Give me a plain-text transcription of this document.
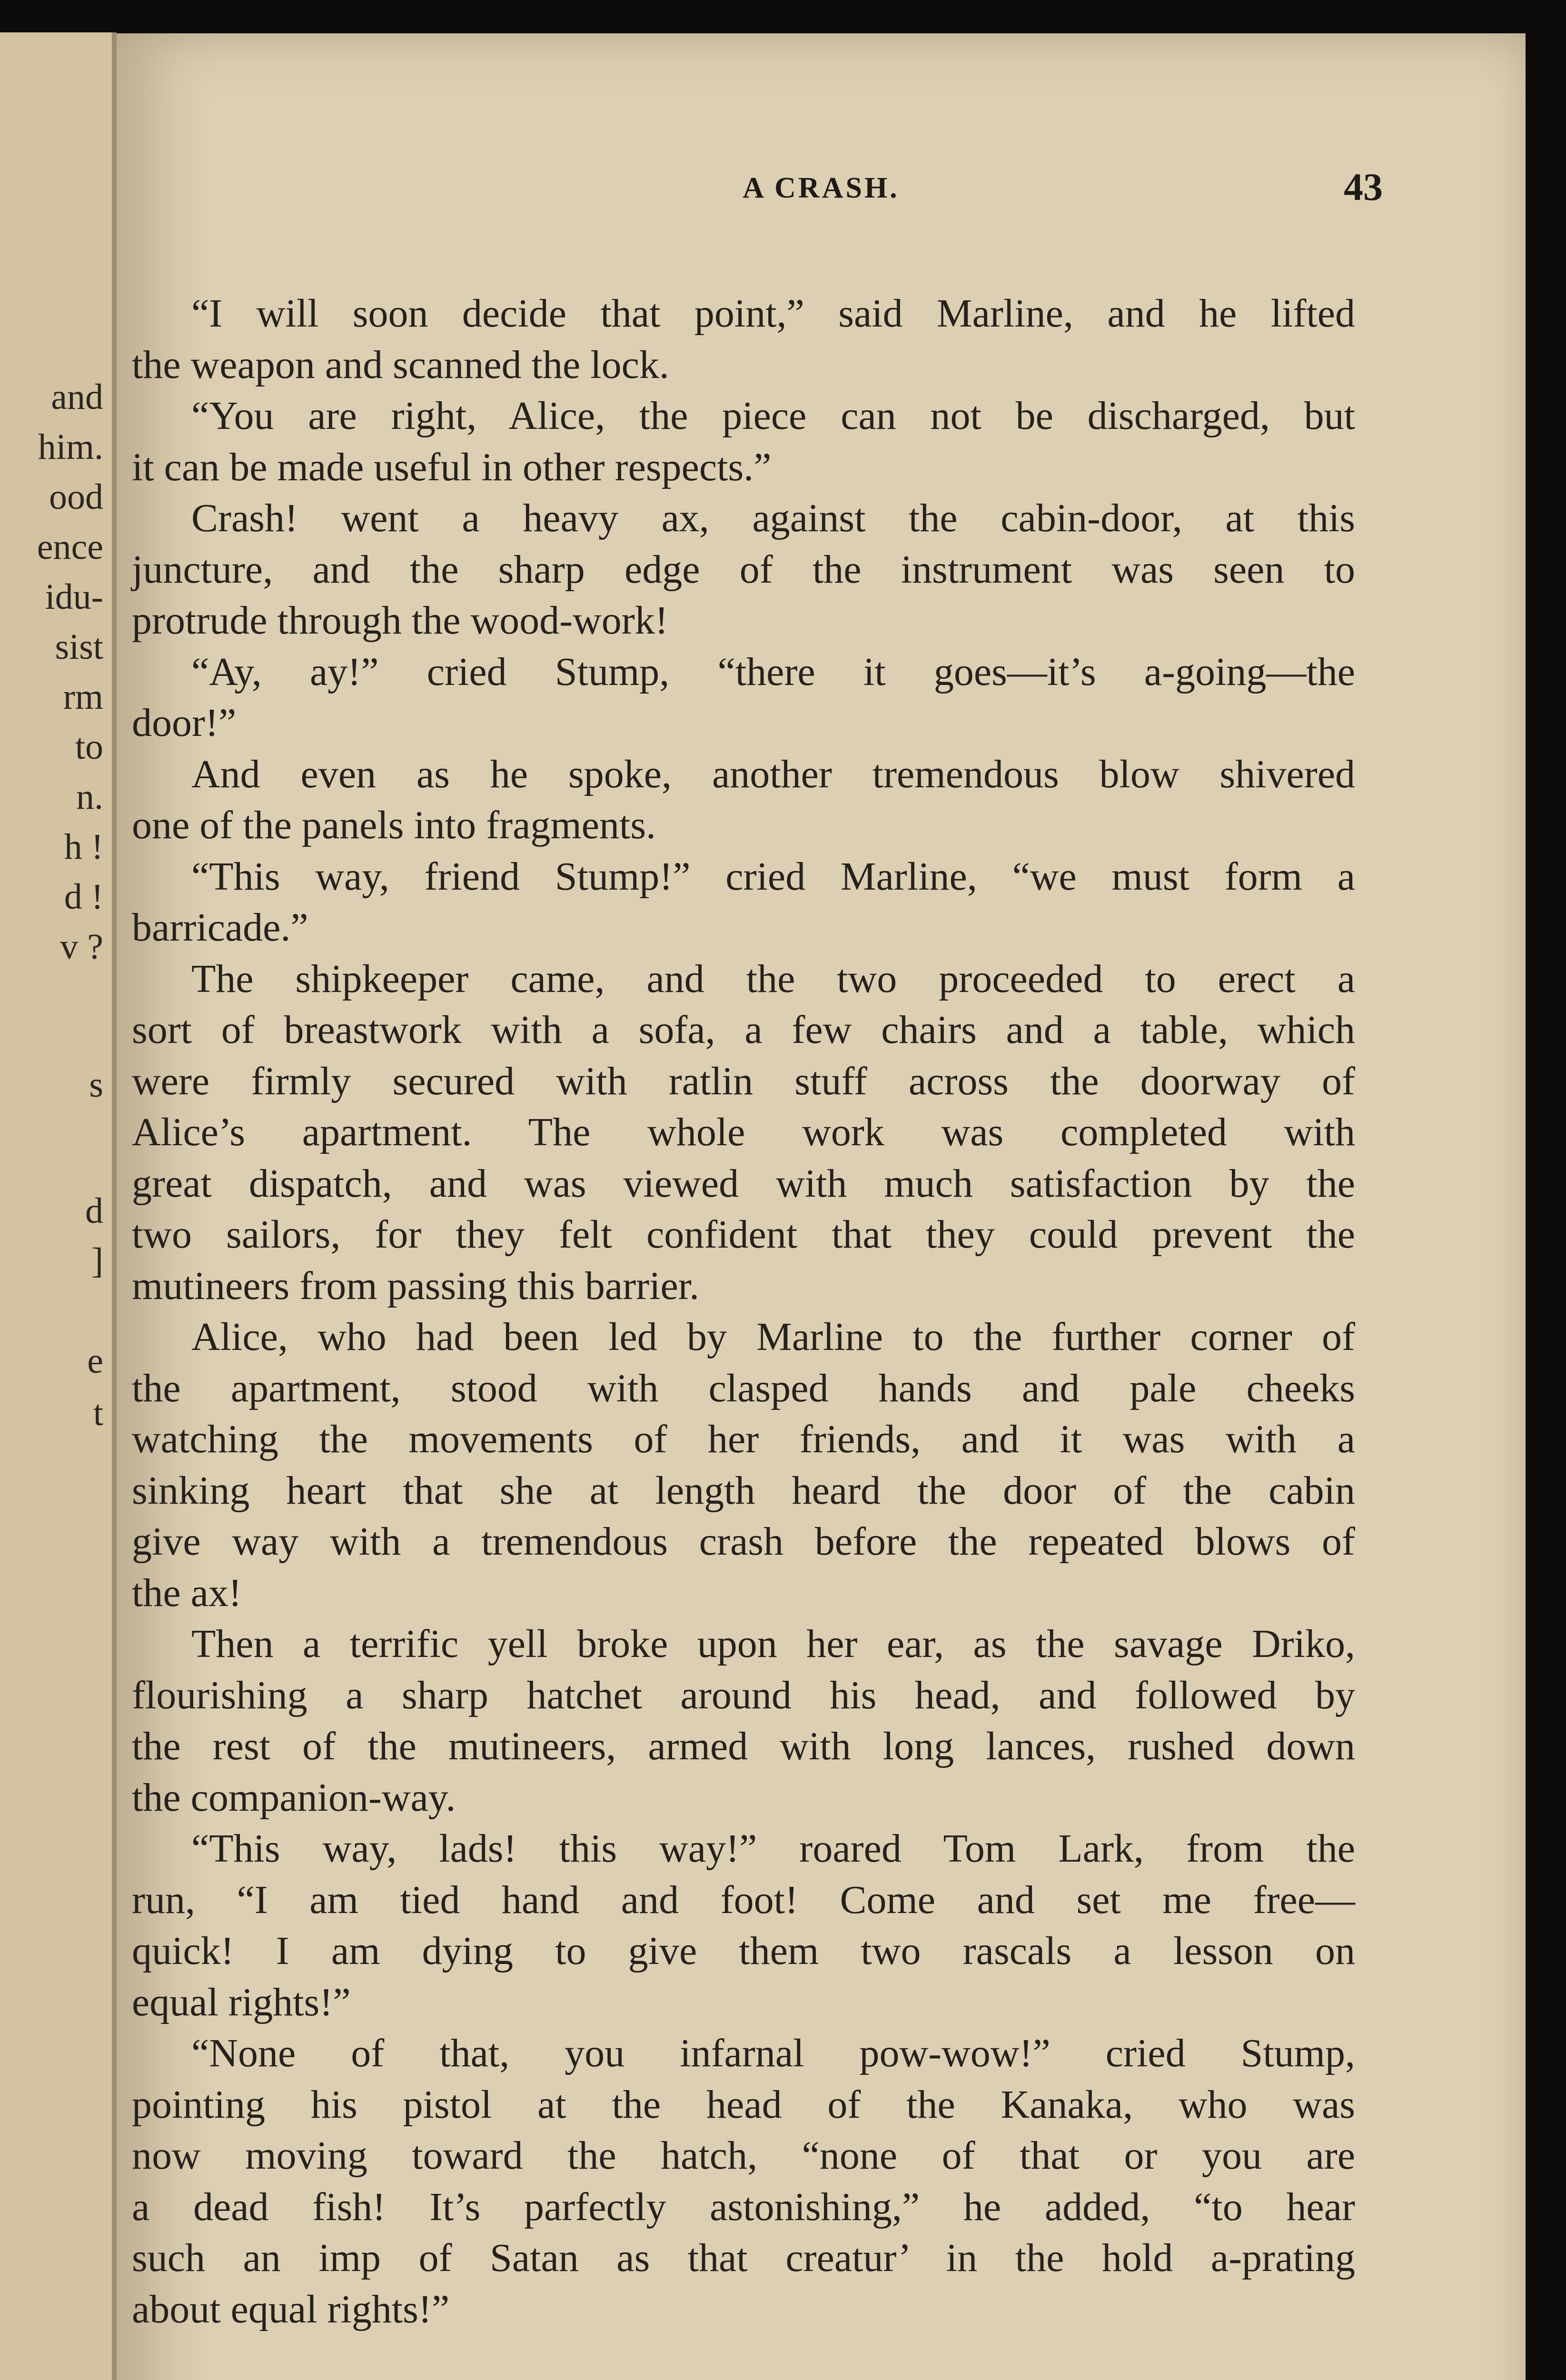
and
him.
ood
ence
idu-
sist
rm
to
n.
h !
d !
v ?
s
d
]
e
t
A CRASH.	43
“I will soon decide that point,” said Marline, and he lifted
the weapon and scanned the lock.
“You are right, Alice, the piece can not be discharged, but
it can be made useful in other respects.”
Crash! went a heavy ax, against the cabin-door, at this
juncture, and the sharp edge of the instrument was seen to
protrude through the wood-work!
“Ay, ay!” cried Stump, “there it goes—it’s a-going—the
door!”
And even as he spoke, another tremendous blow shivered
one of the panels into fragments.
“This way, friend Stump!” cried Marline, “we must form a
barricade.”
The shipkeeper came, and the two proceeded to erect a
sort of breastwork with a sofa, a few chairs and a table, which
were firmly secured with ratlin stuff across the doorway of
Alice’s apartment. The whole work was completed with
great dispatch, and was viewed with much satisfaction by the
two sailors, for they felt confident that they could prevent the
mutineers from passing this barrier.
Alice, who had been led by Marline to the further corner of
the apartment, stood with clasped hands and pale cheeks
watching the movements of her friends, and it was with a
sinking heart that she at length heard the door of the cabin
give way with a tremendous crash before the repeated blows of
the ax!
Then a terrific yell broke upon her ear, as the savage Driko,
flourishing a sharp hatchet around his head, and followed by
the rest of the mutineers, armed with long lances, rushed down
the companion-way.
“This way, lads! this way!” roared Tom Lark, from the
run, “I am tied hand and foot! Come and set me free—
quick! I am dying to give them two rascals a lesson on
equal rights!”
“None of that, you infarnal pow-wow!” cried Stump,
pointing his pistol at the head of the Kanaka, who was
now moving toward the hatch, “none of that or you are
a dead fish! It’s parfectly astonishing,” he added, “to hear
such an imp of Satan as that creatur’ in the hold a-prating
about equal rights!”
